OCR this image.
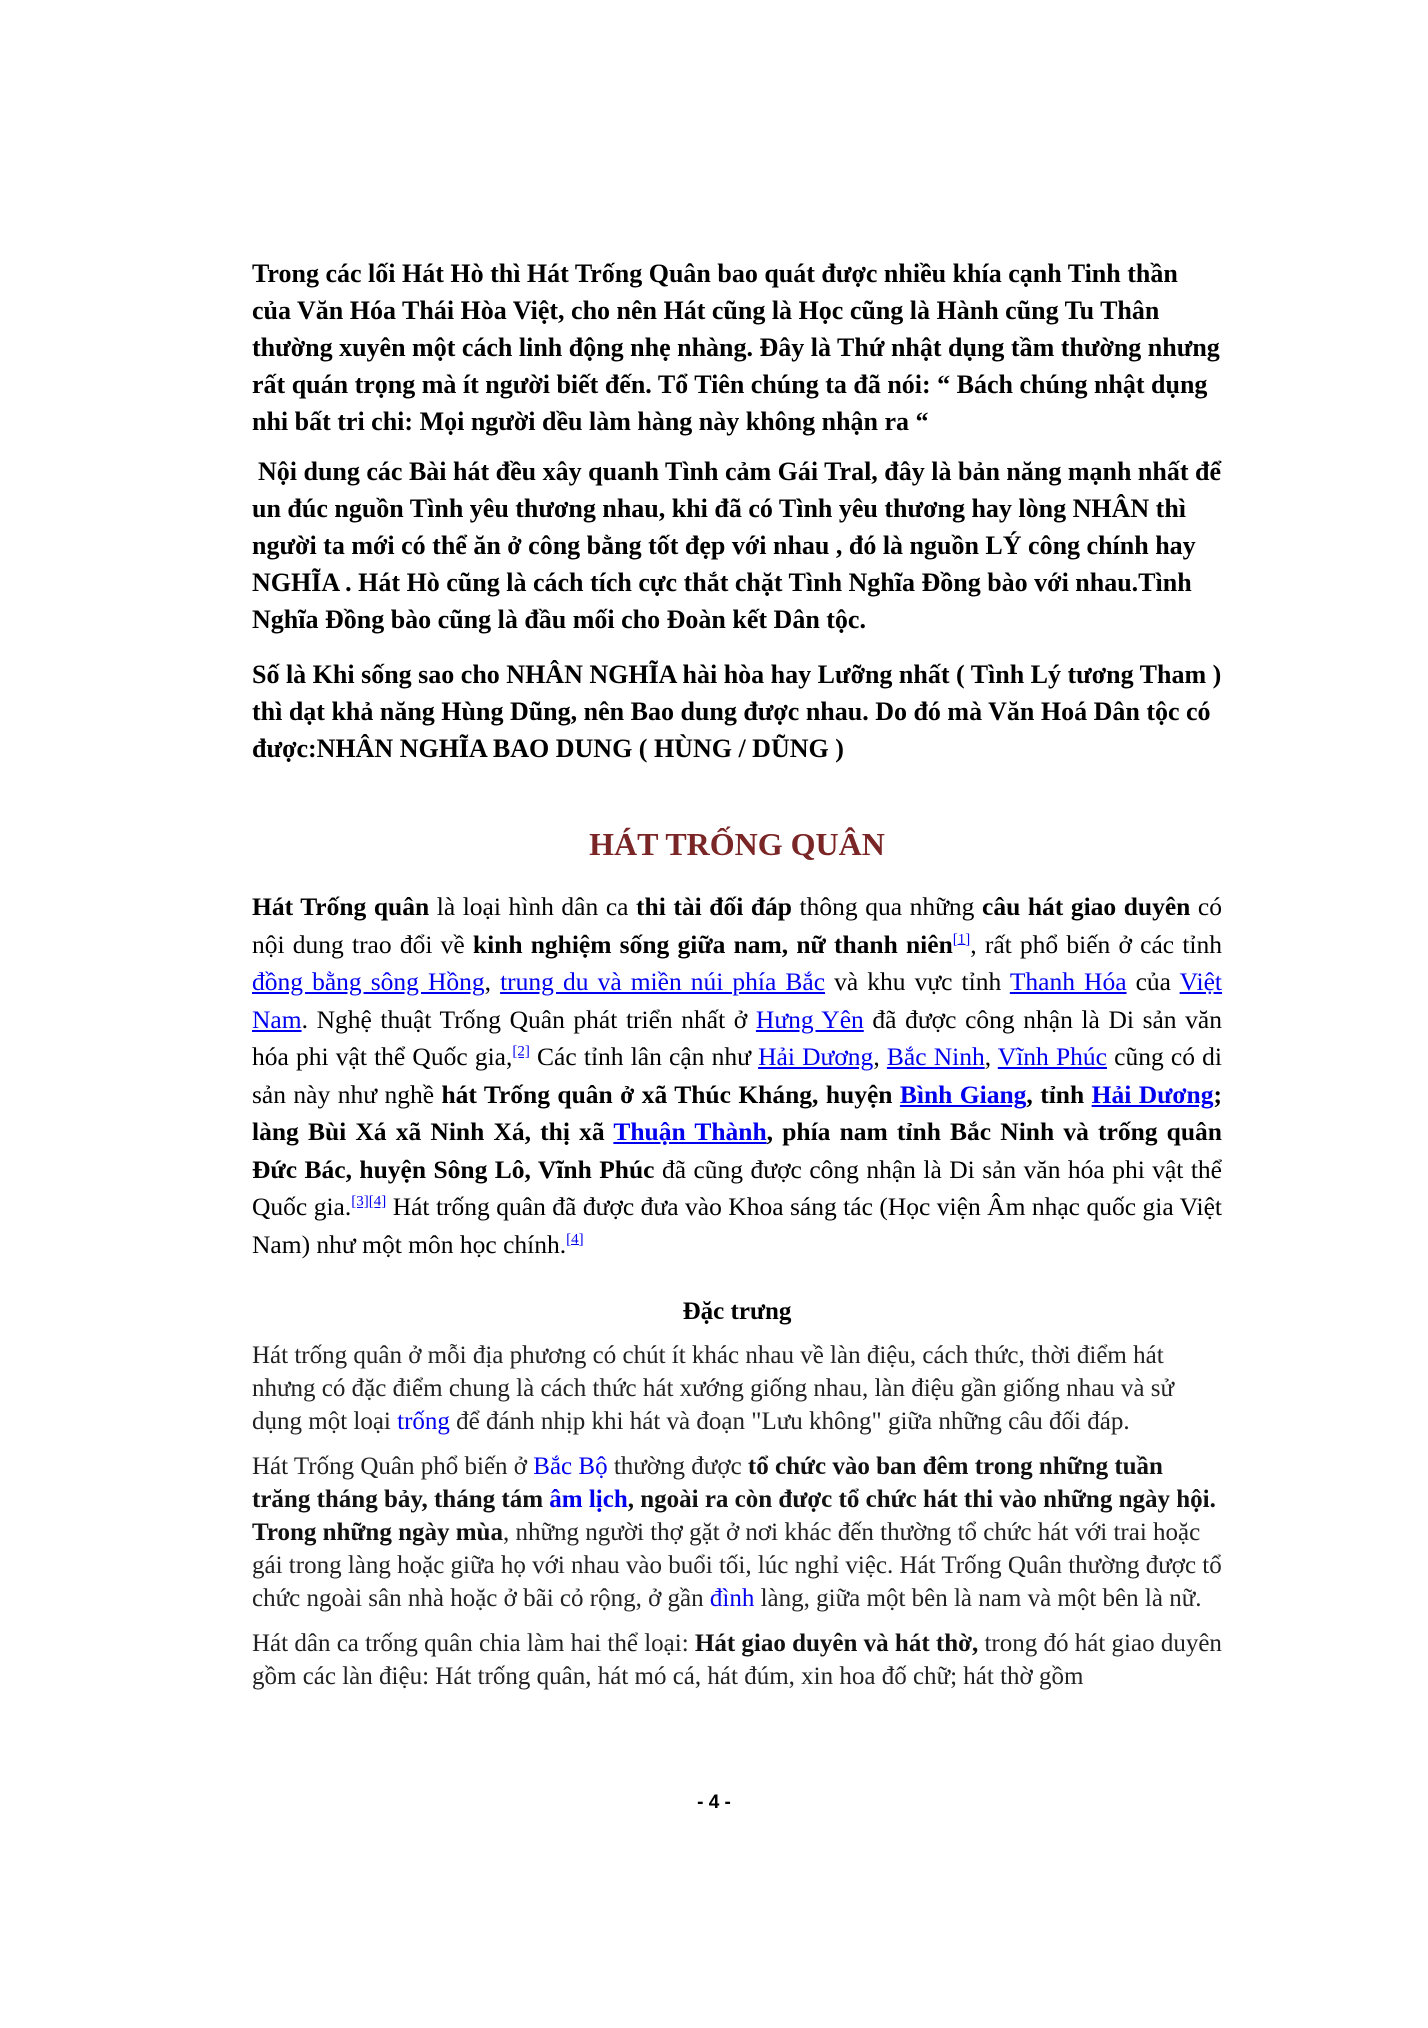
Trong các lối Hát Hò thì Hát Trống Quân bao quát được nhiều khía cạnh Tinh thần của Văn Hóa Thái Hòa Việt, cho nên Hát cũng là Học cũng là Hành cũng Tu Thân thường xuyên một cách linh động nhẹ nhàng. Đây là Thứ nhật dụng tầm thường nhưng rất quán trọng mà ít người biết đến. Tổ Tiên chúng ta đã nói: “ Bách chúng nhật dụng nhi bất tri chi: Mọi người dều làm hàng này không nhận ra “

Nội dung các Bài hát đều xây quanh Tình cảm Gái Tral, đây là bản năng mạnh nhất để un đúc nguồn Tình yêu thương nhau, khi đã có Tình yêu thương hay lòng NHÂN thì người ta mới có thể ăn ở công bằng tốt đẹp với nhau , đó là nguồn LÝ công chính hay NGHĨA . Hát Hò cũng là cách tích cực thắt chặt Tình Nghĩa Đồng bào với nhau.Tình Nghĩa Đồng bào cũng là đầu mối cho Đoàn kết Dân tộc.

Số là Khi sống sao cho NHÂN NGHĨA hài hòa hay Lưỡng nhất ( Tình Lý tương Tham ) thì dạt khả năng Hùng Dũng, nên Bao dung được nhau. Do đó mà Văn Hoá Dân tộc có được:NHÂN NGHĨA BAO DUNG ( HÙNG / DŨNG )

HÁT TRỐNG QUÂN

Hát Trống quân là loại hình dân ca thi tài đối đáp thông qua những câu hát giao duyên có nội dung trao đổi về kinh nghiệm sống giữa nam, nữ thanh niên[1], rất phổ biến ở các tỉnh đồng bằng sông Hồng, trung du và miền núi phía Bắc và khu vực tỉnh Thanh Hóa của Việt Nam. Nghệ thuật Trống Quân phát triển nhất ở Hưng Yên đã được công nhận là Di sản văn hóa phi vật thể Quốc gia,[2] Các tỉnh lân cận như Hải Dương, Bắc Ninh, Vĩnh Phúc cũng có di sản này như nghề hát Trống quân ở xã Thúc Kháng, huyện Bình Giang, tỉnh Hải Dương; làng Bùi Xá xã Ninh Xá, thị xã Thuận Thành, phía nam tỉnh Bắc Ninh và trống quân Đức Bác, huyện Sông Lô, Vĩnh Phúc đã cũng được công nhận là Di sản văn hóa phi vật thể Quốc gia.[3][4] Hát trống quân đã được đưa vào Khoa sáng tác (Học viện Âm nhạc quốc gia Việt Nam) như một môn học chính.[4]

Đặc trưng

Hát trống quân ở mỗi địa phương có chút ít khác nhau về làn điệu, cách thức, thời điểm hát nhưng có đặc điểm chung là cách thức hát xướng giống nhau, làn điệu gần giống nhau và sử dụng một loại trống để đánh nhịp khi hát và đoạn "Lưu không" giữa những câu đối đáp.

Hát Trống Quân phổ biến ở Bắc Bộ thường được tổ chức vào ban đêm trong những tuần trăng tháng bảy, tháng tám âm lịch, ngoài ra còn được tổ chức hát thi vào những ngày hội. Trong những ngày mùa, những người thợ gặt ở nơi khác đến thường tổ chức hát với trai hoặc gái trong làng hoặc giữa họ với nhau vào buổi tối, lúc nghỉ việc. Hát Trống Quân thường được tổ chức ngoài sân nhà hoặc ở bãi cỏ rộng, ở gần đình làng, giữa một bên là nam và một bên là nữ.

Hát dân ca trống quân chia làm hai thể loại: Hát giao duyên và hát thờ, trong đó hát giao duyên gồm các làn điệu: Hát trống quân, hát mó cá, hát đúm, xin hoa đố chữ; hát thờ gồm

- 4 -
